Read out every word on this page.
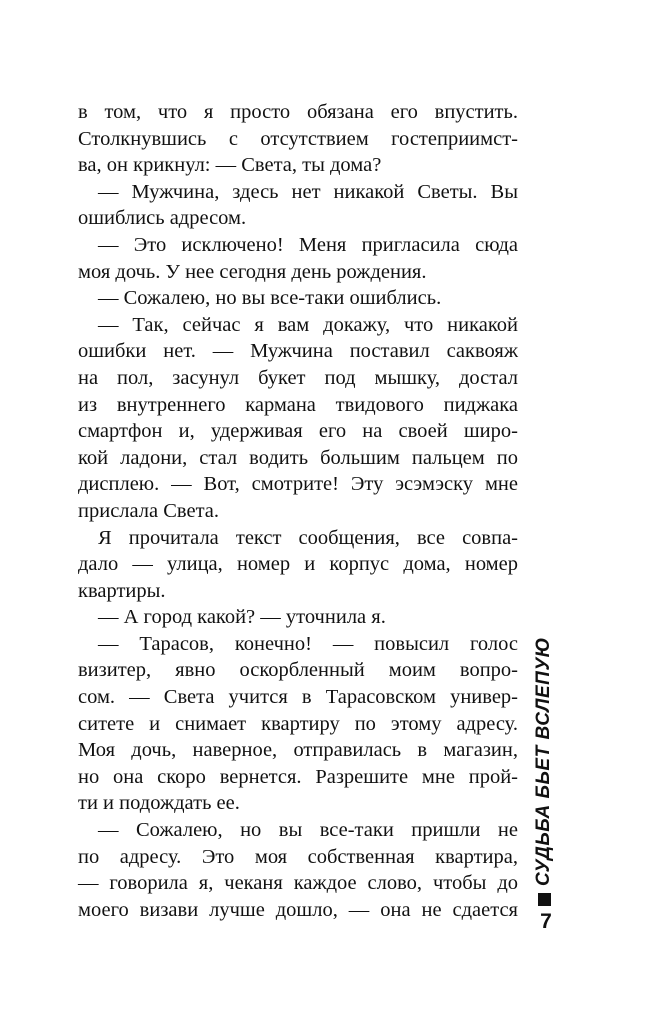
в том, что я просто обязана его впустить.
Столкнувшись с отсутствием гостеприимст-
ва, он крикнул: — Света, ты дома?
— Мужчина, здесь нет никакой Светы. Вы
ошиблись адресом.
— Это исключено! Меня пригласила сюда
моя дочь. У нее сегодня день рождения.
— Сожалею, но вы все-таки ошиблись.
— Так, сейчас я вам докажу, что никакой
ошибки нет. — Мужчина поставил саквояж
на пол, засунул букет под мышку, достал
из внутреннего кармана твидового пиджака
смартфон и, удерживая его на своей широ-
кой ладони, стал водить большим пальцем по
дисплею. — Вот, смотрите! Эту эсэмэску мне
прислала Света.
Я прочитала текст сообщения, все совпа-
дало — улица, номер и корпус дома, номер
квартиры.
— А город какой? — уточнила я.
— Тарасов, конечно! — повысил голос
визитер, явно оскорбленный моим вопро-
сом. — Света учится в Тарасовском универ-
ситете и снимает квартиру по этому адресу.
Моя дочь, наверное, отправилась в магазин,
но она скоро вернется. Разрешите мне прой-
ти и подождать ее.
— Сожалею, но вы все-таки пришли не
по адресу. Это моя собственная квартира,
— говорила я, чеканя каждое слово, чтобы до
моего визави лучше дошло, — она не сдается
СУДЬБА БЬЕТ ВСЛЕПУЮ
7
